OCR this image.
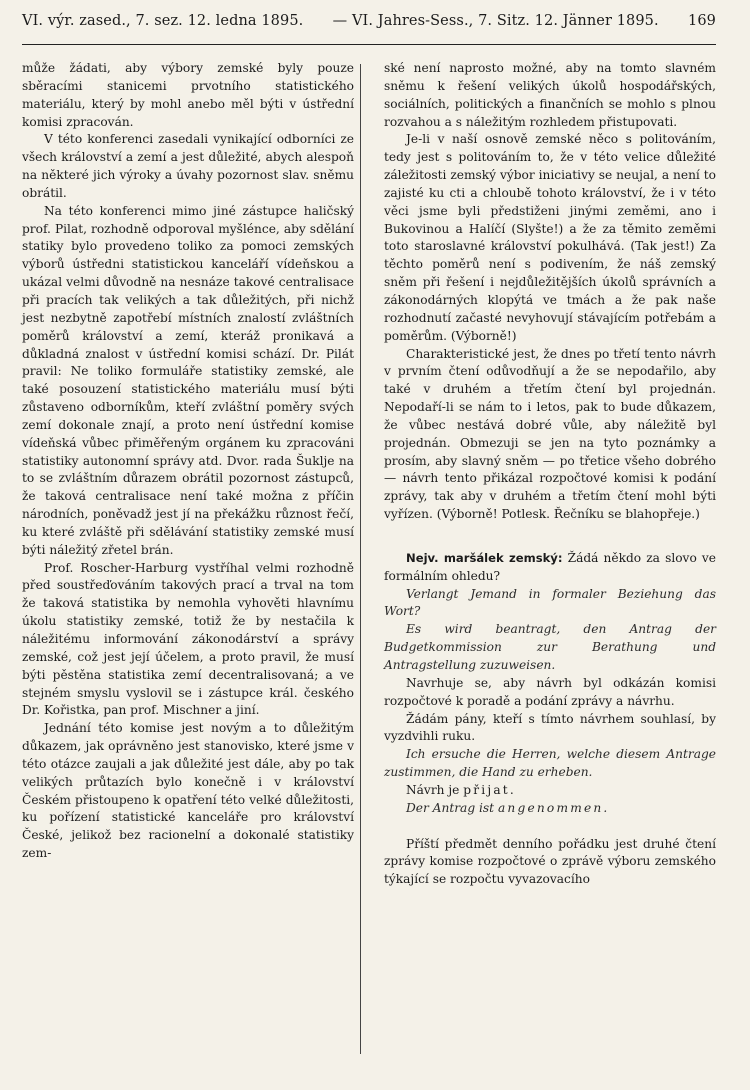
VI. výr. zased., 7. sez. 12. ledna 1895. — VI. Jahres-Sess., 7. Sitz. 12. Jänner 1895. 169

může žádati, aby výbory zemské byly pouze sběracími stanicemi prvotního statistického materiálu, který by mohl anebo měl býti v ústřední komisi zpracován.

V této konferenci zasedali vynikající odborníci ze všech království a zemí a jest důležité, abych alespoň na některé jich výroky a úvahy pozornost slav. sněmu obrátil.

Na této konferenci mimo jiné zástupce haličský prof. Pilat, rozhodně odporoval myšlénce, aby sdělání statiky bylo provedeno toliko za pomoci zemských výborů ústředni statistickou kanceláří vídeňskou a ukázal velmi důvodně na nesnáze takové centralisace při pracích tak velikých a tak důležitých, při nichž jest nezbytně zapotřebí místních znalostí zvláštních poměrů království a zemí, kteráž pronikavá a důkladná znalost v ústřední komisi schází. Dr. Pilát pravil: Ne toliko formuláře statistiky zemské, ale také posouzení statistického materiálu musí býti zůstaveno odborníkům, kteří zvláštní poměry svých zemí dokonale znají, a proto není ústřední komise vídeňská vůbec přiměřeným orgánem ku zpracováni statistiky autonomní správy atd. Dvor. rada Šuklje na to se zvláštním důrazem obrátil pozornost zástupců, že taková centralisace není také možna z příčin národních, poněvadž jest jí na překážku různost řečí, ku které zvláště při sdělávání statistiky zemské musí býti náležitý zřetel brán.

Prof. Roscher-Harburg vystříhal velmi rozhodně před soustřeďováním takových prací a trval na tom že taková statistika by nemohla vyhověti hlavnímu úkolu statistiky zemské, totiž že by nestačila k náležitému informování zákonodárství a správy zemské, což jest její účelem, a proto pravil, že musí býti pěstěna statistika zemí decentralisovaná; a ve stejném smyslu vyslovil se i zástupce král. českého Dr. Kořistka, pan prof. Mischner a jiní.

Jednání této komise jest novým a to důležitým důkazem, jak oprávněno jest stanovisko, které jsme v této otázce zaujali a jak důležité jest dále, aby po tak velikých průtazích bylo konečně i v království Českém přistoupeno k opatření této velké důležitosti, ku pořízení statistické kanceláře pro království České, jelikož bez racionelní a dokonalé statistiky zem-

ské není naprosto možné, aby na tomto slavném sněmu k řešení velikých úkolů hospodářských, sociálních, politických a finančních se mohlo s plnou rozvahou a s náležitým rozhledem přistupovati.

Je-li v naší osnově zemské něco s politováním, tedy jest s politováním to, že v této velice důležité záležitosti zemský výbor iniciativy se neujal, a není to zajisté ku cti a chloubě tohoto království, že i v této věci jsme byli předstiženi jinými zeměmi, ano i Bukovinou a Halíčí (Slyšte!) a že za těmito zeměmi toto staroslavné království pokulhává. (Tak jest!) Za těchto poměrů není s podivením, že náš zemský sněm při řešení i nejdůležitějších úkolů správních a zákonodárných klopýtá ve tmách a že pak naše rozhodnutí začasté nevyhovují stávajícím potřebám a poměrům. (Výborně!)

Charakteristické jest, že dnes po třetí tento návrh v prvním čtení odůvodňují a že se nepodařilo, aby také v druhém a třetím čtení byl projednán. Nepodaří-li se nám to i letos, pak to bude důkazem, že vůbec nestává dobré vůle, aby náležitě byl projednán. Obmezuji se jen na tyto poznámky a prosím, aby slavný sněm — po třetice všeho dobrého — návrh tento přikázal rozpočtové komisi k podání zprávy, tak aby v druhém a třetím čtení mohl býti vyřízen. (Výborně! Potlesk. Řečníku se blahopřeje.)

Nejv. maršálek zemský: Žádá někdo za slovo ve formálním ohledu?

Verlangt Jemand in formaler Beziehung das Wort?

Es wird beantragt, den Antrag der Budgetkommission zur Berathung und Antragstellung zuzuweisen.

Navrhuje se, aby návrh byl odkázán komisi rozpočtové k poradě a podání zprávy a návrhu.

Žádám pány, kteří s tímto návrhem souhlasí, by vyzdvihli ruku.

Ich ersuche die Herren, welche diesem Antrage zustimmen, die Hand zu erheben.

Návrh je přijat.

Der Antrag ist angenommen.

Příští předmět denního pořádku jest druhé čtení zprávy komise rozpočtové o zprávě výboru zemského týkající se rozpočtu vyvazovacího
